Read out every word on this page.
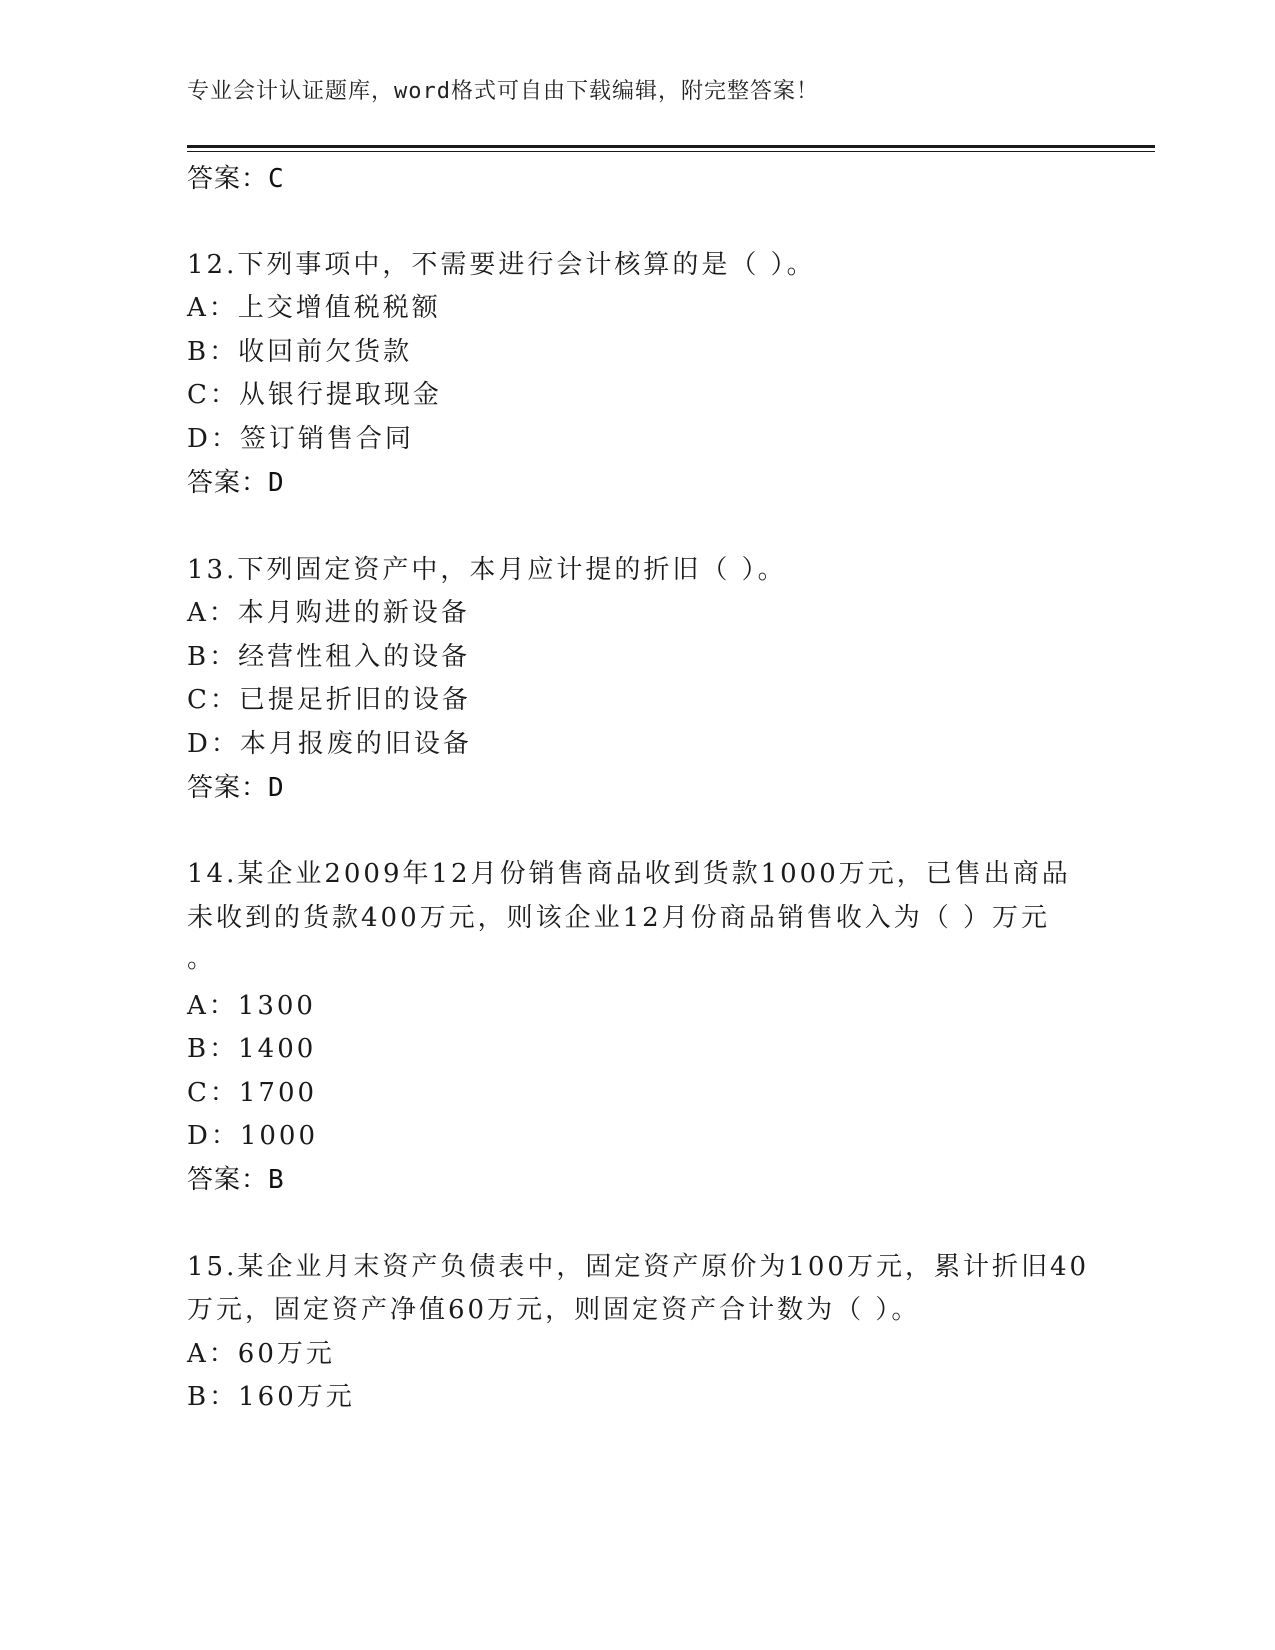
专业会计认证题库，word格式可自由下载编辑，附完整答案！
答案：C
12.下列事项中，不需要进行会计核算的是（ ）。
A：上交增值税税额
B：收回前欠货款
C：从银行提取现金
D：签订销售合同
答案：D
13.下列固定资产中，本月应计提的折旧（ ）。
A：本月购进的新设备
B：经营性租入的设备
C：已提足折旧的设备
D：本月报废的旧设备
答案：D
14.某企业2009年12月份销售商品收到货款1000万元，已售出商品
未收到的货款400万元，则该企业12月份商品销售收入为（ ）万元
。
A：1300
B：1400
C：1700
D：1000
答案：B
15.某企业月末资产负债表中，固定资产原价为100万元，累计折旧40
万元，固定资产净值60万元，则固定资产合计数为（ ）。
A：60万元
B：160万元
